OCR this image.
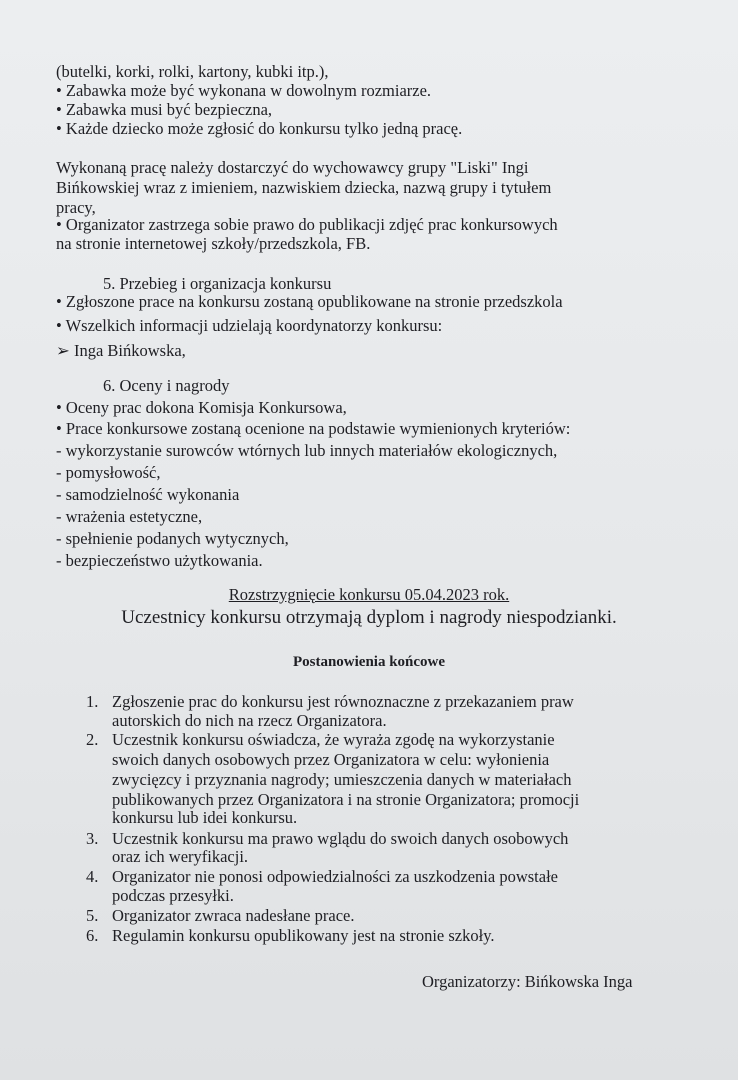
(butelki, korki, rolki, kartony, kubki itp.),
• Zabawka może być wykonana w dowolnym rozmiarze.
• Zabawka musi być bezpieczna,
• Każde dziecko może zgłosić do konkursu tylko jedną pracę.
Wykonaną pracę należy dostarczyć do wychowawcy grupy "Liski" Ingi
Bińkowskiej wraz z imieniem, nazwiskiem dziecka, nazwą grupy i tytułem
pracy,
• Organizator zastrzega sobie prawo do publikacji zdjęć prac konkursowych
na stronie internetowej szkoły/przedszkola, FB.
5. Przebieg i organizacja konkursu
• Zgłoszone prace na konkursu zostaną opublikowane na stronie przedszkola
• Wszelkich informacji udzielają koordynatorzy konkursu:
➢ Inga Bińkowska,
6. Oceny i nagrody
• Oceny prac dokona Komisja Konkursowa,
• Prace konkursowe zostaną ocenione na podstawie wymienionych kryteriów:
- wykorzystanie surowców wtórnych lub innych materiałów ekologicznych,
- pomysłowość,
- samodzielność wykonania
- wrażenia estetyczne,
- spełnienie podanych wytycznych,
- bezpieczeństwo użytkowania.
Rozstrzygnięcie konkursu 05.04.2023 rok.
Uczestnicy konkursu otrzymają dyplom i nagrody niespodzianki.
Postanowienia końcowe
1. Zgłoszenie prac do konkursu jest równoznaczne z przekazaniem praw
autorskich do nich na rzecz Organizatora.
2. Uczestnik konkursu oświadcza, że wyraża zgodę na wykorzystanie
swoich danych osobowych przez Organizatora w celu: wyłonienia
zwycięzcy i przyznania nagrody; umieszczenia danych w materiałach
publikowanych przez Organizatora i na stronie Organizatora; promocji
konkursu lub idei konkursu.
3. Uczestnik konkursu ma prawo wglądu do swoich danych osobowych
oraz ich weryfikacji.
4. Organizator nie ponosi odpowiedzialności za uszkodzenia powstałe
podczas przesyłki.
5. Organizator zwraca nadesłane prace.
6. Regulamin konkursu opublikowany jest na stronie szkoły.
Organizatorzy: Bińkowska Inga
